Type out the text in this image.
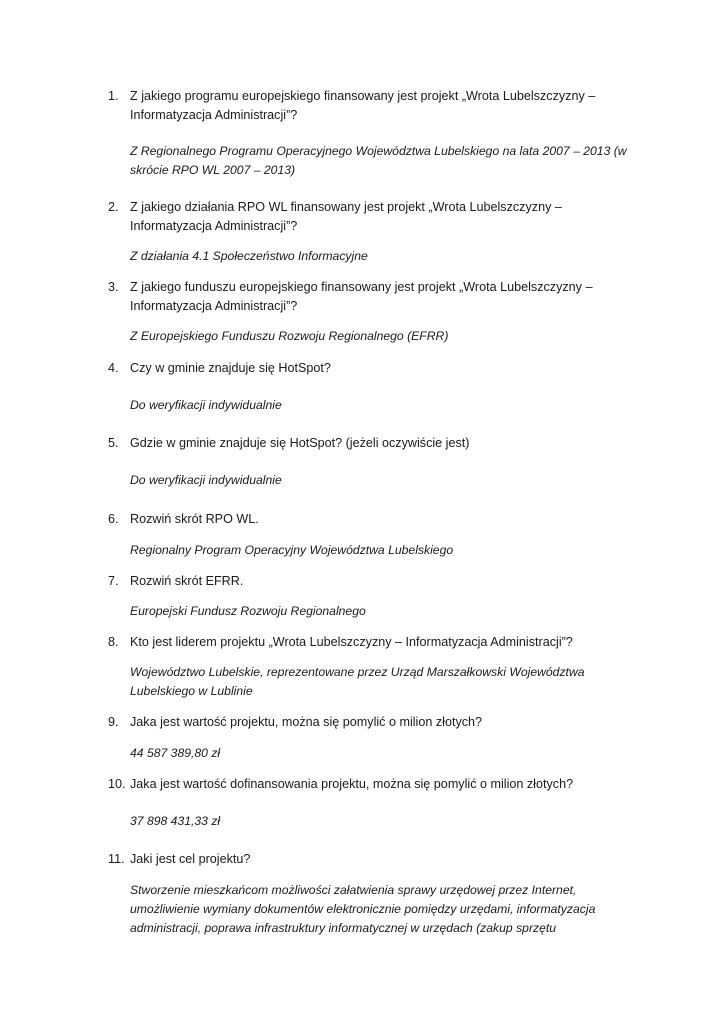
1. Z jakiego programu europejskiego finansowany jest projekt „Wrota Lubelszczyzny – Informatyzacja Administracji”?
Z Regionalnego Programu Operacyjnego Województwa Lubelskiego na lata 2007 – 2013 (w skrócie RPO WL 2007 – 2013)
2. Z jakiego działania RPO WL finansowany jest projekt „Wrota Lubelszczyzny – Informatyzacja Administracji”?
Z działania 4.1 Społeczeństwo Informacyjne
3. Z jakiego funduszu europejskiego finansowany jest projekt „Wrota Lubelszczyzny – Informatyzacja Administracji”?
Z Europejskiego Funduszu Rozwoju Regionalnego (EFRR)
4. Czy w gminie znajduje się HotSpot?
Do weryfikacji indywidualnie
5. Gdzie w gminie znajduje się HotSpot? (jeżeli oczywiście jest)
Do weryfikacji indywidualnie
6. Rozwiń skrót RPO WL.
Regionalny Program Operacyjny Województwa Lubelskiego
7. Rozwiń skrót EFRR.
Europejski Fundusz Rozwoju Regionalnego
8. Kto jest liderem projektu „Wrota Lubelszczyzny – Informatyzacja Administracji”?
Województwo Lubelskie, reprezentowane przez Urząd Marszałkowski Województwa Lubelskiego w Lublinie
9. Jaka jest wartość projektu, można się pomylić o milion złotych?
44 587 389,80 zł
10. Jaka jest wartość dofinansowania projektu, można się pomylić o milion złotych?
37 898 431,33 zł
11. Jaki jest cel projektu?
Stworzenie mieszkańcom możliwości załatwienia sprawy urzędowej przez Internet, umożliwienie wymiany dokumentów elektronicznie pomiędzy urzędami, informatyzacja administracji, poprawa infrastruktury informatycznej w urzędach (zakup sprzętu
